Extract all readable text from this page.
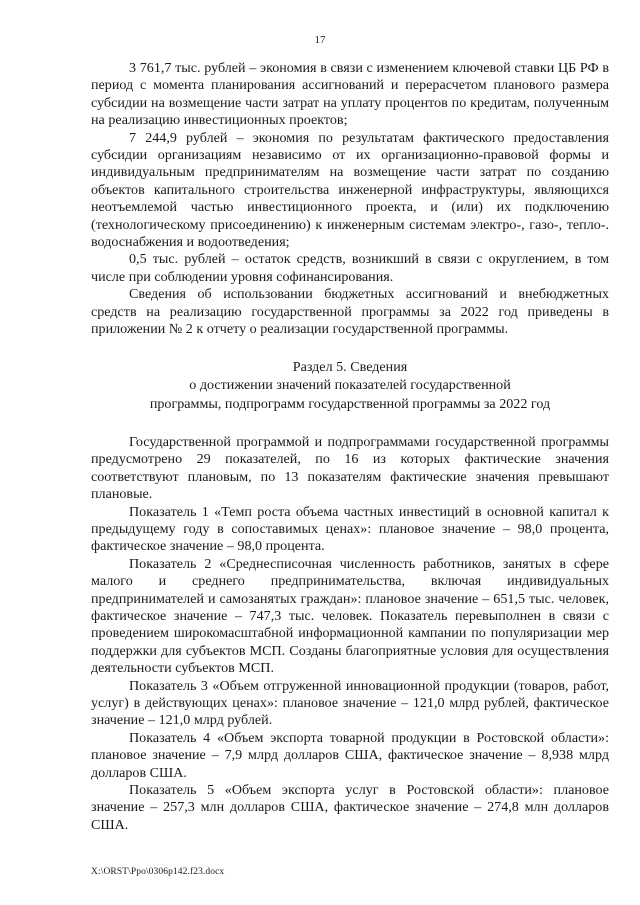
17

3 761,7 тыс. рублей – экономия в связи с изменением ключевой ставки ЦБ РФ в период с момента планирования ассигнований и перерасчетом планового размера субсидии на возмещение части затрат на уплату процентов по кредитам, полученным на реализацию инвестиционных проектов;

7 244,9 рублей – экономия по результатам фактического предоставления субсидии организациям независимо от их организационно-правовой формы и индивидуальным предпринимателям на возмещение части затрат по созданию объектов капитального строительства инженерной инфраструктуры, являющихся неотъемлемой частью инвестиционного проекта, и (или) их подключению (технологическому присоединению) к инженерным системам электро-, газо-, тепло-. водоснабжения и водоотведения;

0,5 тыс. рублей – остаток средств, возникший в связи с округлением, в том числе при соблюдении уровня софинансирования.

Сведения об использовании бюджетных ассигнований и внебюджетных средств на реализацию государственной программы за 2022 год приведены в приложении № 2 к отчету о реализации государственной программы.

Раздел 5. Сведения
о достижении значений показателей государственной
программы, подпрограмм государственной программы за 2022 год

Государственной программой и подпрограммами государственной программы предусмотрено 29 показателей, по 16 из которых фактические значения соответствуют плановым, по 13 показателям фактические значения превышают плановые.

Показатель 1 «Темп роста объема частных инвестиций в основной капитал к предыдущему году в сопоставимых ценах»: плановое значение – 98,0 процента, фактическое значение – 98,0 процента.

Показатель 2 «Среднесписочная численность работников, занятых в сфере малого и среднего предпринимательства, включая индивидуальных предпринимателей и самозанятых граждан»: плановое значение – 651,5 тыс. человек, фактическое значение – 747,3 тыс. человек. Показатель перевыполнен в связи с проведением широкомасштабной информационной кампании по популяризации мер поддержки для субъектов МСП. Созданы благоприятные условия для осуществления деятельности субъектов МСП.

Показатель 3 «Объем отгруженной инновационной продукции (товаров, работ, услуг) в действующих ценах»: плановое значение – 121,0 млрд рублей, фактическое значение – 121,0 млрд рублей.

Показатель 4 «Объем экспорта товарной продукции в Ростовской области»: плановое значение – 7,9 млрд долларов США, фактическое значение – 8,938 млрд долларов США.

Показатель 5 «Объем экспорта услуг в Ростовской области»: плановое значение – 257,3 млн долларов США, фактическое значение – 274,8 млн долларов США.

X:\ORST\Ppo\0306p142.f23.docx
